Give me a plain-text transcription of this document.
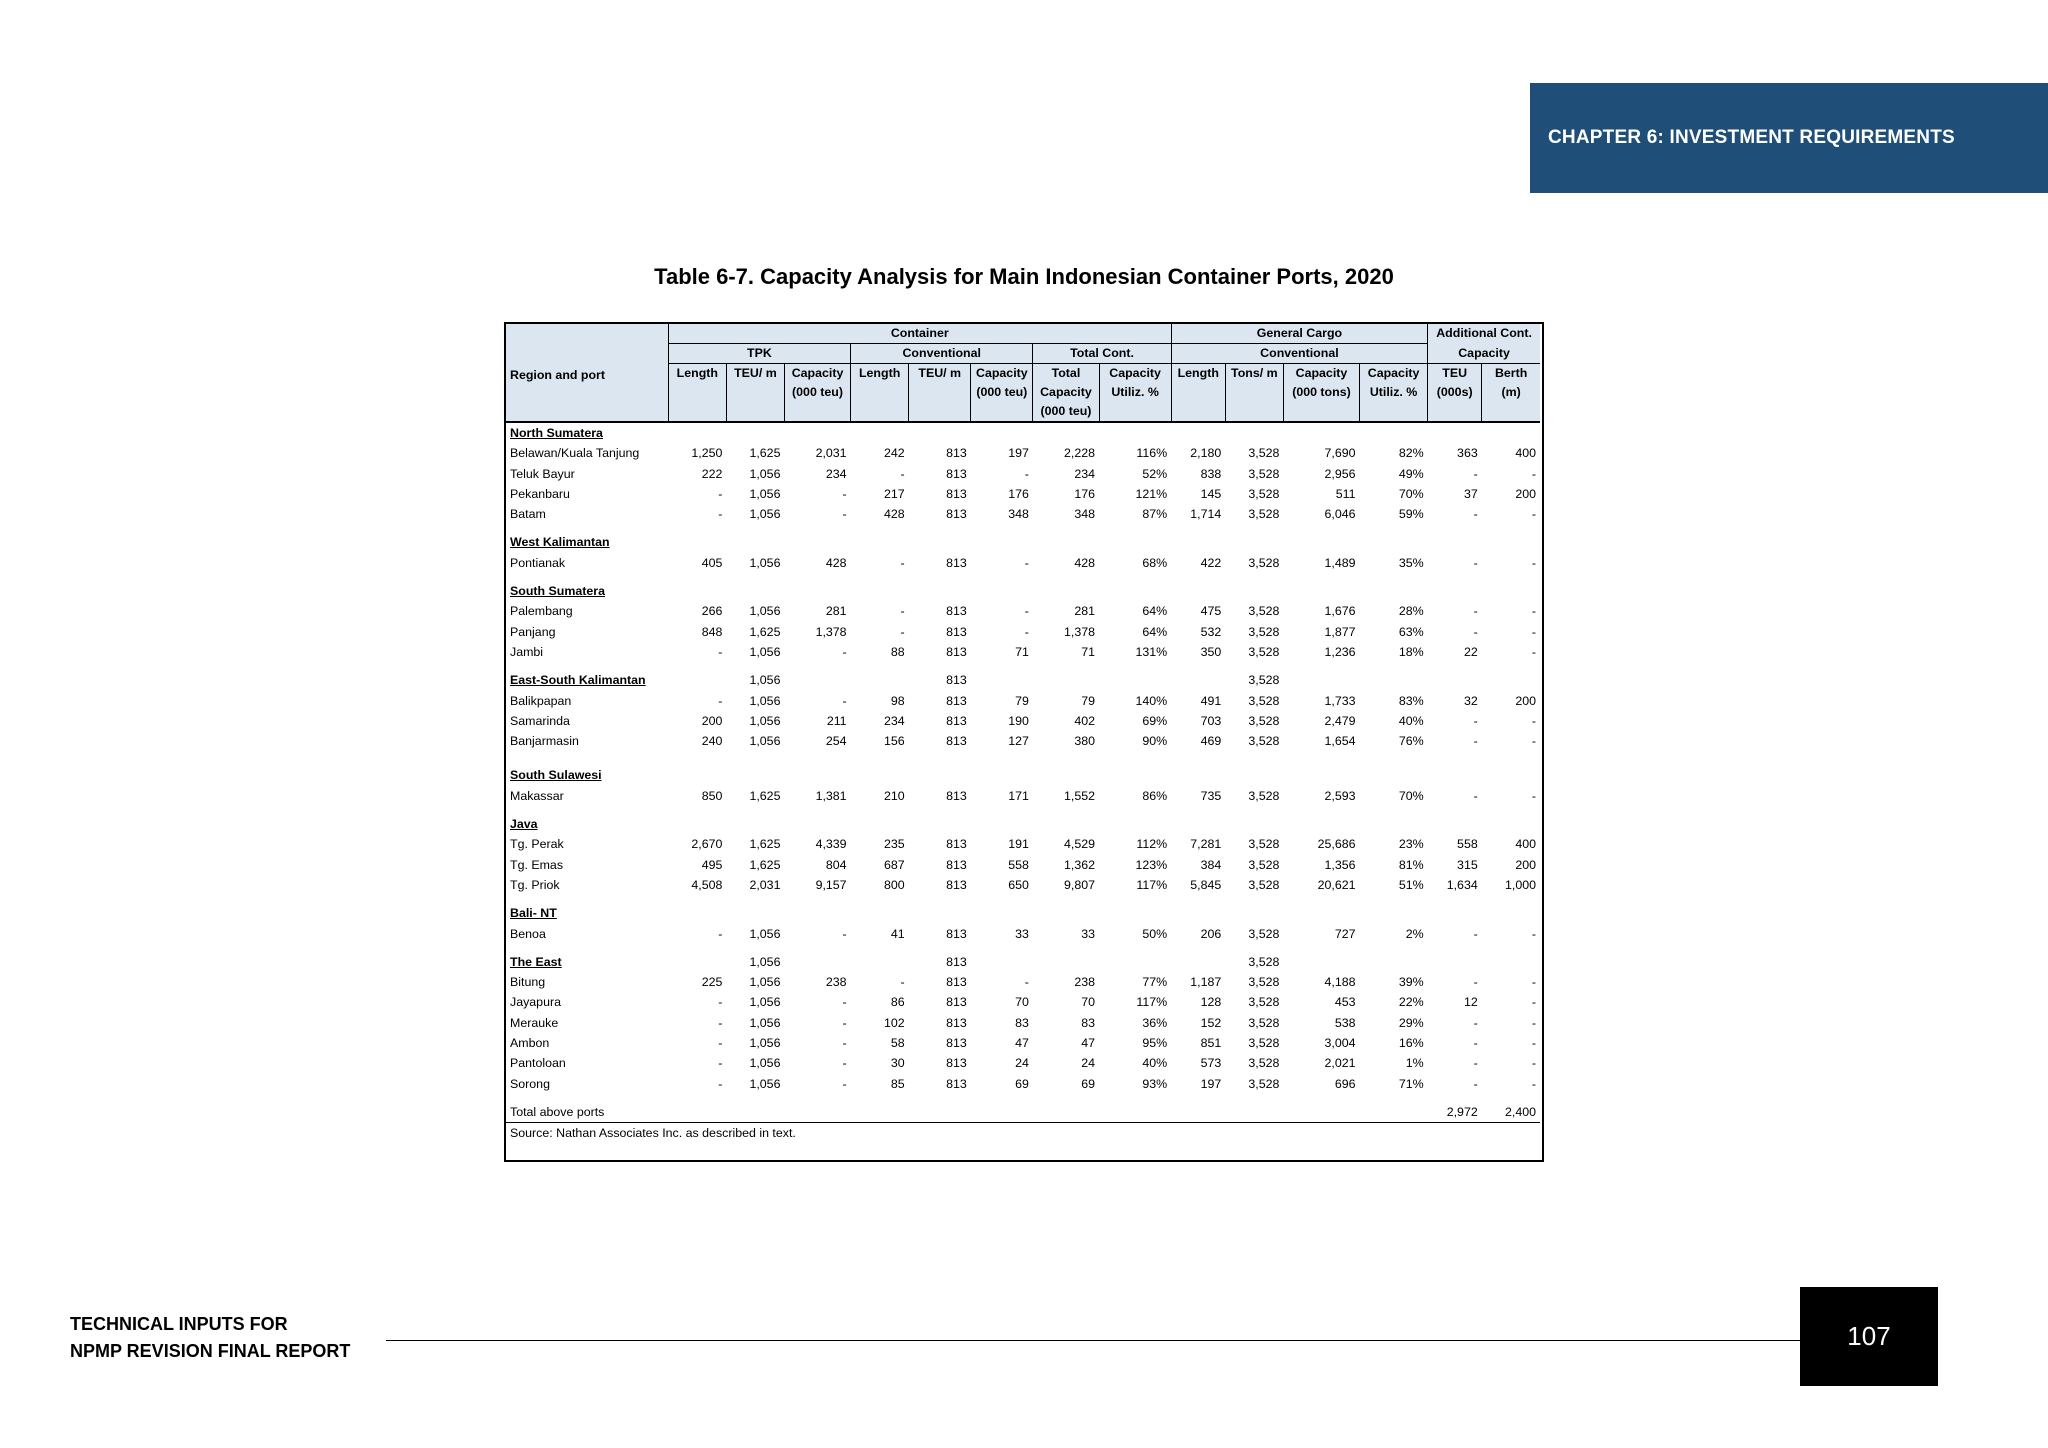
CHAPTER 6: INVESTMENT REQUIREMENTS
Table 6-7. Capacity Analysis for Main Indonesian Container Ports, 2020
Region and port	Container								General Cargo				Additional Cont.	
	TPK			Conventional			Total Cont.		Conventional				Capacity	
	Length	TEU/ m	Capacity	Length	TEU/ m	Capacity	Total	Capacity	Length	Tons/ m	Capacity	Capacity	TEU	Berth
			(000 teu)			(000 teu)	Capacity	Utiliz. %			(000 tons)	Utiliz. %	(000s)	(m)
							(000 teu)							
North Sumatera														
Belawan/Kuala Tanjung	1,250	1,625	2,031	242	813	197	2,228	116%	2,180	3,528	7,690	82%	363	400
Teluk Bayur	222	1,056	234	-	813	-	234	52%	838	3,528	2,956	49%	-	-
Pekanbaru	-	1,056	-	217	813	176	176	121%	145	3,528	511	70%	37	200
Batam	-	1,056	-	428	813	348	348	87%	1,714	3,528	6,046	59%	-	-

West Kalimantan														
Pontianak	405	1,056	428	-	813	-	428	68%	422	3,528	1,489	35%	-	-

South Sumatera														
Palembang	266	1,056	281	-	813	-	281	64%	475	3,528	1,676	28%	-	-
Panjang	848	1,625	1,378	-	813	-	1,378	64%	532	3,528	1,877	63%	-	-
Jambi	-	1,056	-	88	813	71	71	131%	350	3,528	1,236	18%	22	-

East-South Kalimantan		1,056			813					3,528				
Balikpapan	-	1,056	-	98	813	79	79	140%	491	3,528	1,733	83%	32	200
Samarinda	200	1,056	211	234	813	190	402	69%	703	3,528	2,479	40%	-	-
Banjarmasin	240	1,056	254	156	813	127	380	90%	469	3,528	1,654	76%	-	-

South Sulawesi														
Makassar	850	1,625	1,381	210	813	171	1,552	86%	735	3,528	2,593	70%	-	-

Java														
Tg. Perak	2,670	1,625	4,339	235	813	191	4,529	112%	7,281	3,528	25,686	23%	558	400
Tg. Emas	495	1,625	804	687	813	558	1,362	123%	384	3,528	1,356	81%	315	200
Tg. Priok	4,508	2,031	9,157	800	813	650	9,807	117%	5,845	3,528	20,621	51%	1,634	1,000

Bali- NT														
Benoa	-	1,056	-	41	813	33	33	50%	206	3,528	727	2%	-	-

The East		1,056			813					3,528				
Bitung	225	1,056	238	-	813	-	238	77%	1,187	3,528	4,188	39%	-	-
Jayapura	-	1,056	-	86	813	70	70	117%	128	3,528	453	22%	12	-
Merauke	-	1,056	-	102	813	83	83	36%	152	3,528	538	29%	-	-
Ambon	-	1,056	-	58	813	47	47	95%	851	3,528	3,004	16%	-	-
Pantoloan	-	1,056	-	30	813	24	24	40%	573	3,528	2,021	1%	-	-
Sorong	-	1,056	-	85	813	69	69	93%	197	3,528	696	71%	-	-

Total above ports													2,972	2,400
Source: Nathan Associates Inc. as described in text.														
TECHNICAL INPUTS FOR
NPMP REVISION FINAL REPORT	107
